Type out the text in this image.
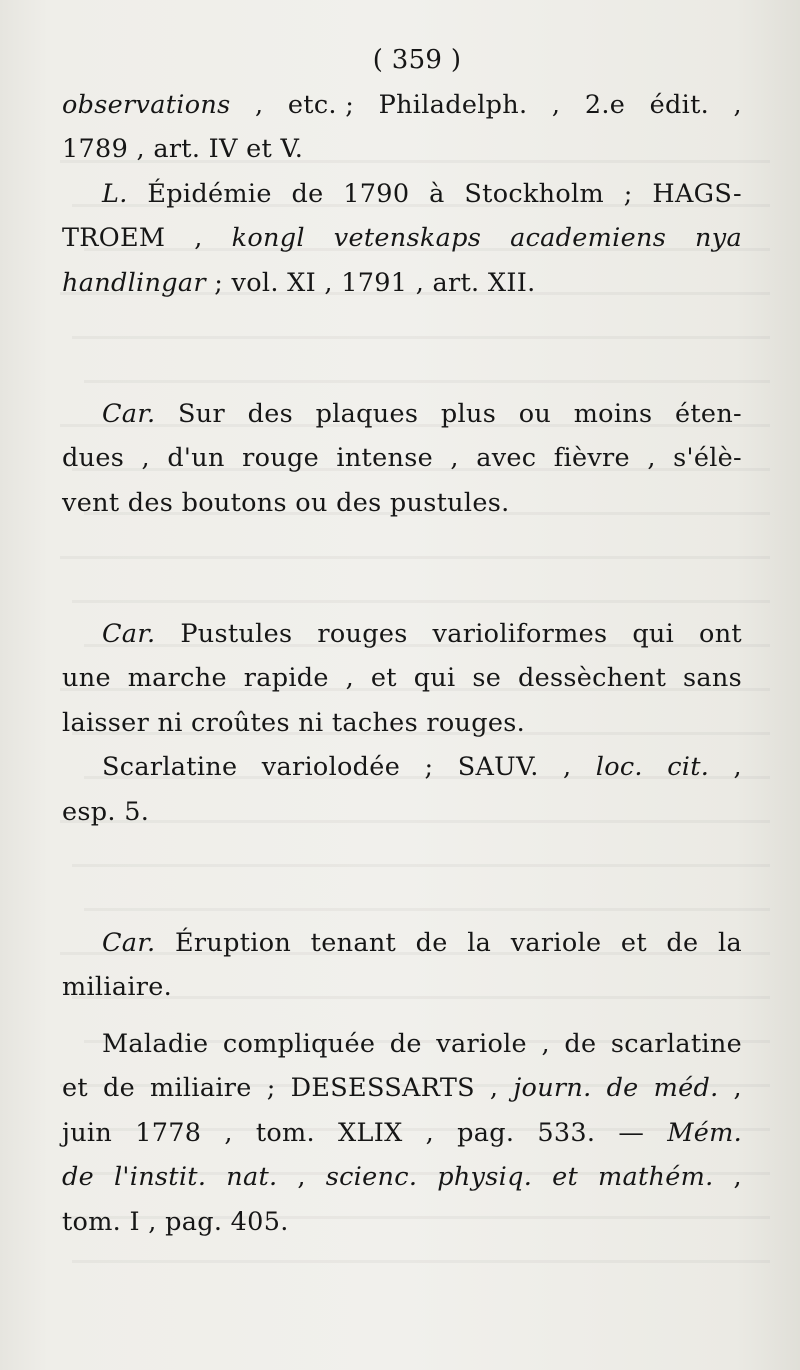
( 359 )
observations , etc. ; Philadelph. , 2.e édit. ,
1789 , art. IV et V.
L. Épidémie de 1790 à Stockholm ; HAGS-
TROEM , kongl vetenskaps academiens nya
handlingar ; vol. XI , 1791 , art. XII.
Car. Sur des plaques plus ou moins éten-
dues , d'un rouge intense , avec fièvre , s'élè-
vent des boutons ou des pustules.
Car. Pustules rouges varioliformes qui ont
une marche rapide , et qui se dessèchent sans
laisser ni croûtes ni taches rouges.
Scarlatine variolodée ; SAUV. , loc. cit. ,
esp. 5.
Car. Éruption tenant de la variole et de la
miliaire.
Maladie compliquée de variole , de scarlatine
et de miliaire ; DESESSARTS , journ. de méd. ,
juin 1778 , tom. XLIX , pag. 533. — Mém.
de l'instit. nat. , scienc. physiq. et mathém. ,
tom. I , pag. 405.
